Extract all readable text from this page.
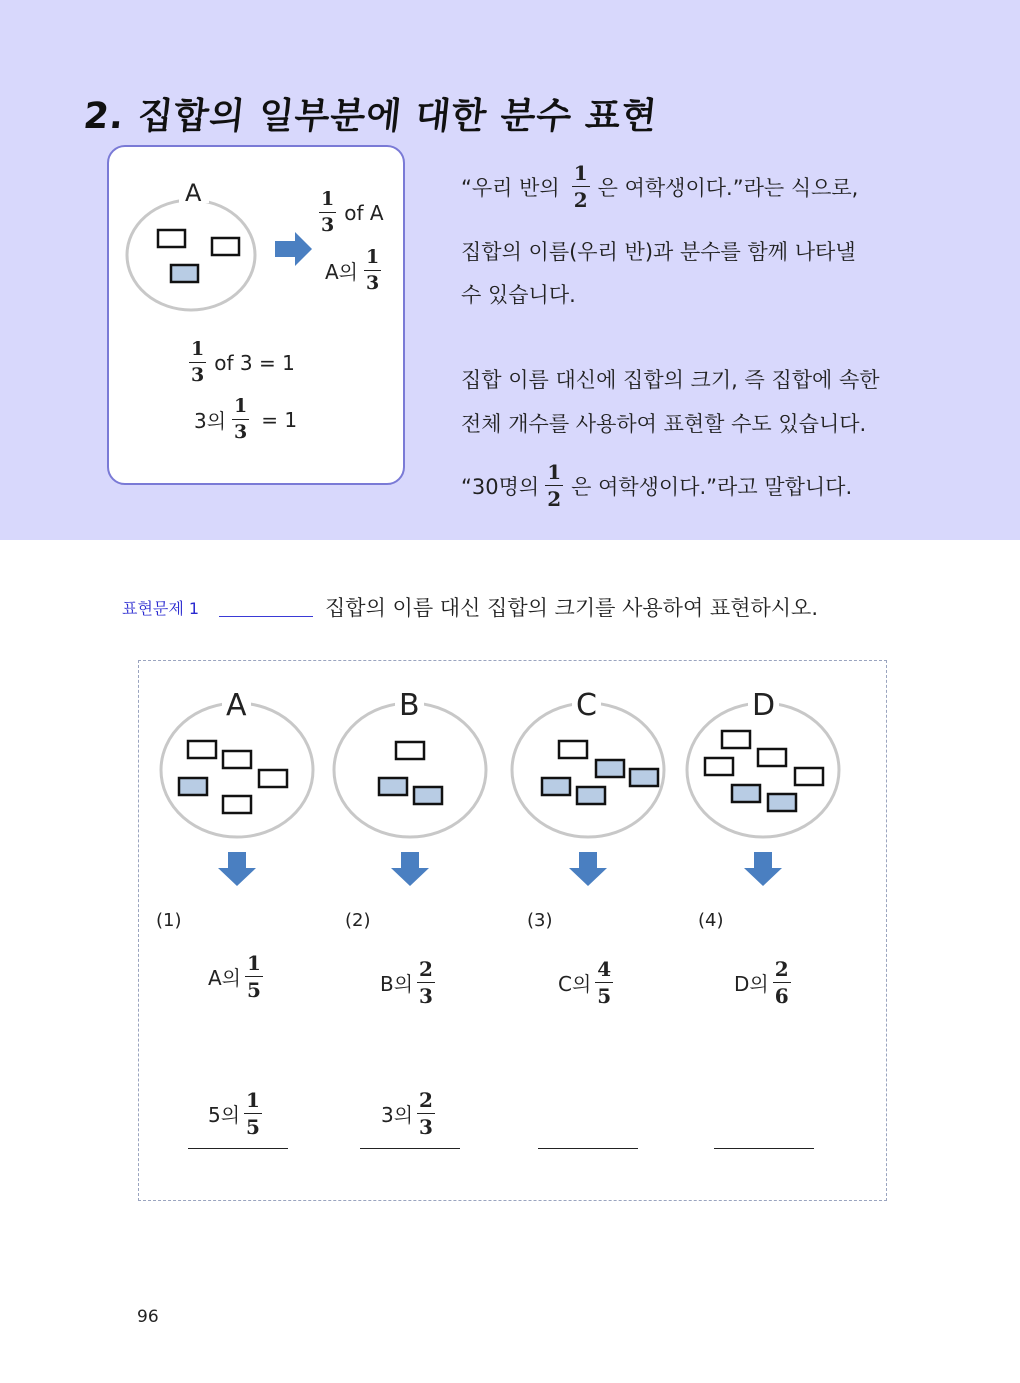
2. 집합의 일부분에 대한 분수 표현
A	$\frac{1}{3}$ of A
A의 $\frac{1}{3}$
$\frac{1}{3}$ of 3 = 1
3의 $\frac{1}{3} = 1$
“우리 반의 $\frac{1}{2}$ 은 여학생이다.”라는 식으로,
집합의 이름(우리 반)과 분수를 함께 나타낼
수 있습니다.
집합 이름 대신에 집합의 크기, 즉 집합에 속한
전체 개수를 사용하여 표현할 수도 있습니다.
“30명의 $\frac{1}{2}$ 은 여학생이다.”라고 말합니다.
표현문제 1	집합의 이름 대신 집합의 크기를 사용하여 표현하시오.
A	B	C	D
(1)	(2)	(3)	(4)
A의 $\frac{1}{5}$	B의 $\frac{2}{3}$	C의 $\frac{4}{5}$	D의 $\frac{2}{6}$
5의 $\frac{1}{5}$	3의 $\frac{2}{3}$
96
